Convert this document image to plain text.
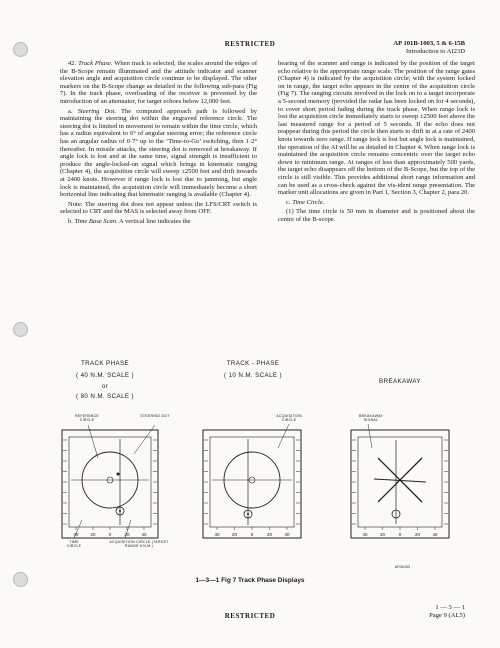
RESTRICTED	AP 101B-1003, 5 & 6-15B
Introduction to AI23D

42. Track Phase. When track is selected, the scales around the edges of the B-Scope remain illuminated and the attitude indicator and scanner elevation angle and acquisition circle continue to be displayed. The other markers on the B-Scope change as detailed in the following sub-para (Fig 7). In the track phase, overloading of the receiver is prevented by the introduction of an attenuator, for target echoes below 12,000 feet.

a. Steering Dot. The computed approach path is followed by maintaining the steering dot within the engraved reference circle. The steering dot is limited in movement to remain within the time circle, which has a radius equivalent to 6° of angular steering error; the reference circle has an angular radius of 0·7° up to the ‘Time-to-Go’ switching, then 1·2° thereafter. In missile attacks, the steering dot is removed at breakaway. If angle lock is lost and at the same time, signal strength is insufficient to produce the angle-locked-on signal which brings in kinematic ranging (Chapter 4), the acquisition circle will sweep ±2500 feet and drift inwards at 2400 knots. However if range lock is lost due to jamming, but angle lock is maintained, the acquisition circle will immediately become a short horizontal line indicating that kinematic ranging is available (Chapter 4).

Note: The steering dot does not appear unless the LFS/CRT switch is selected to CRT and the MAS is selected away from OFF.

b. Time Base Scan. A vertical line indicates the

bearing of the scanner and range is indicated by the position of the target echo relative to the appropriate range scale. The position of the range gates (Chapter 4) is indicated by the acquisition circle; with the system locked on in range, the target echo appears in the centre of the acquisition circle (Fig 7). The ranging circuits involved in the lock on to a target incorporate a 5-second memory (provided the radar has been locked on for 4 seconds), to cover short period fading during the track phase. When range lock is lost the acquisition circle immediately starts to sweep ±2500 feet above the last measured range for a period of 5 seconds. If the echo does not reappear during this period the circle then starts to drift in at a rate of 2400 knots towards zero range. If range lock is lost but angle lock is maintained, the operation of the AI will be as detailed in Chapter 4. When range lock is maintained the acquisition circle remains concentric over the target echo down to minimum range. At ranges of less than approximately 500 yards, the target echo disappears off the bottom of the B-Scope, but the top of the circle is still visible. This provides additional short range information and can be used as a cross-check against the vis-ident range presentation. The marker unit allocations are given in Part 1, Section 3, Chapter 2, para 20.

c. Time Circle.

(1) The time circle is 50 mm in diameter and is positioned about the centre of the B-scope.

TRACK PHASE
( 40 N.M. SCALE )
or
( 80 N.M. SCALE )
TRACK - PHASE
( 10 N.M. SCALE )
BREAKAWAY
REFERENCE CIRCLE
STEERING DOT
TIME CIRCLE
ACQUISITION CIRCLE (TARGET RANGE 8 N.M.)
ACQUISITION CIRCLE
BREAKAWAY SIGNAL
40	20	0	20	40	40	20	0	20	40	40	20	0	20	40
AP/A/153
1—3—1 Fig 7 Track Phase Displays
1 — 3 — 1
Page 9 (AL5)
RESTRICTED
